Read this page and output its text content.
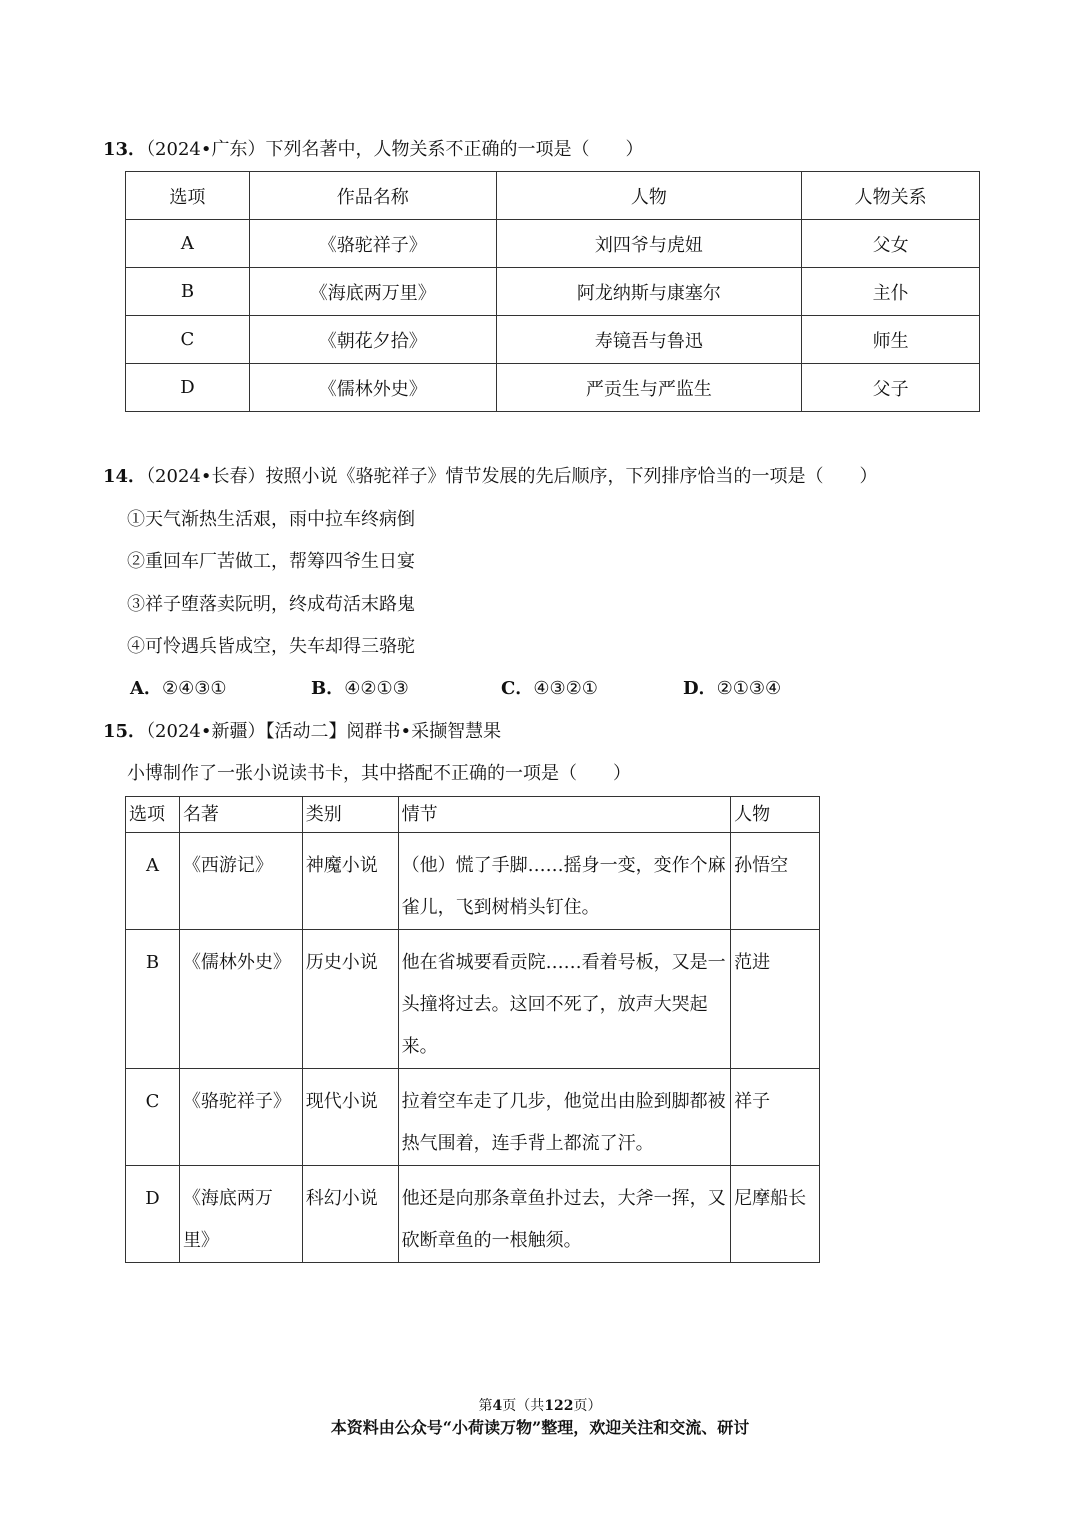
13．（2024•广东）下列名著中，人物关系不正确的一项是（　　）
选项	作品名称	人物	人物关系
A	《骆驼祥子》	刘四爷与虎妞	父女
B	《海底两万里》	阿龙纳斯与康塞尔	主仆
C	《朝花夕拾》	寿镜吾与鲁迅	师生
D	《儒林外史》	严贡生与严监生	父子
14．（2024•长春）按照小说《骆驼祥子》情节发展的先后顺序，下列排序恰当的一项是（　　）
①天气渐热生活艰，雨中拉车终病倒
②重回车厂苦做工，帮筹四爷生日宴
③祥子堕落卖阮明，终成苟活末路鬼
④可怜遇兵皆成空，失车却得三骆驼
A．②④③①	B．④②①③	C．④③②①	D．②①③④
15．（2024•新疆）【活动二】阅群书•采撷智慧果
小博制作了一张小说读书卡，其中搭配不正确的一项是（　　）
选项	名著	类别	情节	人物
A	《西游记》	神魔小说	（他）慌了手脚……摇身一变，变作个麻雀儿，飞到树梢头钉住。	孙悟空
B	《儒林外史》	历史小说	他在省城要看贡院……看着号板，又是一头撞将过去。这回不死了，放声大哭起来。	范进
C	《骆驼祥子》	现代小说	拉着空车走了几步，他觉出由脸到脚都被热气围着，连手背上都流了汗。	祥子
D	《海底两万里》	科幻小说	他还是向那条章鱼扑过去，大斧一挥，又砍断章鱼的一根触须。	尼摩船长
第4页（共122页）
本资料由公众号“小荷读万物”整理，欢迎关注和交流、研讨
